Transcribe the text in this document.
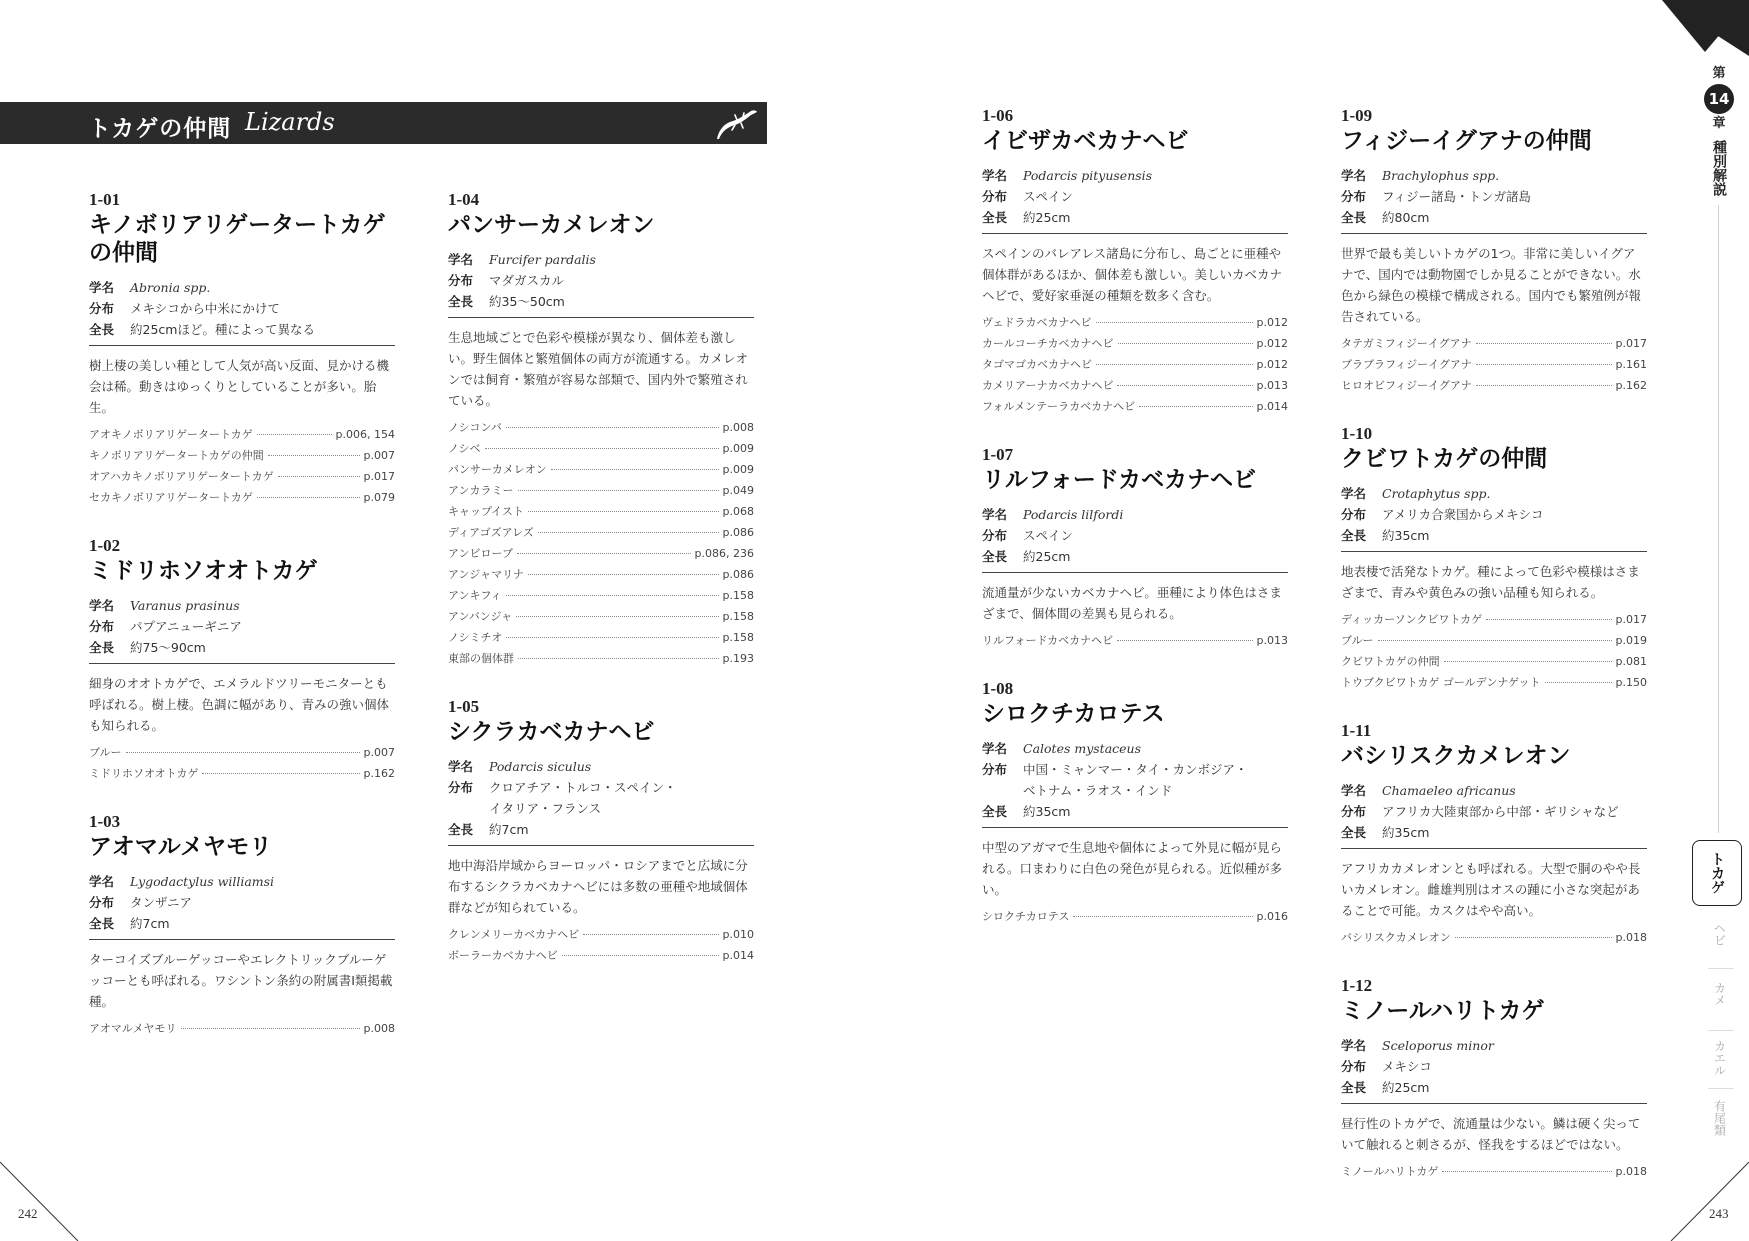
トカゲの仲間 Lizards
1-01
キノボリアリゲータートカゲの仲間
学名	Abronia spp.
分布	メキシコから中米にかけて
全長	約25cmほど。種によって異なる
樹上棲の美しい種として人気が高い反面、見かける機会は稀。動きはゆっくりとしていることが多い。胎生。
アオキノボリアリゲータートカゲ	p.006, 154
キノボリアリゲータートカゲの仲間	p.007
オアハカキノボリアリゲータートカゲ	p.017
セカキノボリアリゲータートカゲ	p.079
1-02
ミドリホソオオトカゲ
学名	Varanus prasinus
分布	パプアニューギニア
全長	約75〜90cm
細身のオオトカゲで、エメラルドツリーモニターとも呼ばれる。樹上棲。色調に幅があり、青みの強い個体も知られる。
ブルー	p.007
ミドリホソオオトカゲ	p.162
1-03
アオマルメヤモリ
学名	Lygodactylus williamsi
分布	タンザニア
全長	約7cm
ターコイズブルーゲッコーやエレクトリックブルーゲッコーとも呼ばれる。ワシントン条約の附属書Ⅰ類掲載種。
アオマルメヤモリ	p.008
1-04
パンサーカメレオン
学名	Furcifer pardalis
分布	マダガスカル
全長	約35〜50cm
生息地域ごとで色彩や模様が異なり、個体差も激しい。野生個体と繁殖個体の両方が流通する。カメレオンでは飼育・繁殖が容易な部類で、国内外で繁殖されている。
ノシコンバ	p.008
ノシベ	p.009
パンサーカメレオン	p.009
アンカラミー	p.049
キャップイスト	p.068
ディアゴズアレズ	p.086
アンビローブ	p.086, 236
アンジャマリナ	p.086
アンキフィ	p.158
アンバンジャ	p.158
ノシミチオ	p.158
東部の個体群	p.193
1-05
シクラカベカナヘビ
学名	Podarcis siculus
分布	クロアチア・トルコ・スペイン・
イタリア・フランス
全長	約7cm
地中海沿岸域からヨーロッパ・ロシアまでと広域に分布するシクラカベカナヘビには多数の亜種や地域個体群などが知られている。
クレンメリーカベカナヘビ	p.010
ボーラーカベカナヘビ	p.014
1-06
イビザカベカナヘビ
学名	Podarcis pityusensis
分布	スペイン
全長	約25cm
スペインのバレアレス諸島に分布し、島ごとに亜種や個体群があるほか、個体差も激しい。美しいカベカナヘビで、愛好家垂涎の種類を数多く含む。
ヴェドラカベカナヘビ	p.012
カールコーチカベカナヘビ	p.012
タゴマゴカベカナヘビ	p.012
カメリアーナカベカナヘビ	p.013
フォルメンテーラカベカナヘビ	p.014
1-07
リルフォードカベカナヘビ
学名	Podarcis lilfordi
分布	スペイン
全長	約25cm
流通量が少ないカベカナヘビ。亜種により体色はさまざまで、個体間の差異も見られる。
リルフォードカベカナヘビ	p.013
1-08
シロクチカロテス
学名	Calotes mystaceus
分布	中国・ミャンマー・タイ・カンボジア・
ベトナム・ラオス・インド
全長	約35cm
中型のアガマで生息地や個体によって外見に幅が見られる。口まわりに白色の発色が見られる。近似種が多い。
シロクチカロテス	p.016
1-09
フィジーイグアナの仲間
学名	Brachylophus spp.
分布	フィジー諸島・トンガ諸島
全長	約80cm
世界で最も美しいトカゲの1つ。非常に美しいイグアナで、国内では動物園でしか見ることができない。水色から緑色の模様で構成される。国内でも繁殖例が報告されている。
タテガミフィジーイグアナ	p.017
ブラブラフィジーイグアナ	p.161
ヒロオビフィジーイグアナ	p.162
1-10
クビワトカゲの仲間
学名	Crotaphytus spp.
分布	アメリカ合衆国からメキシコ
全長	約35cm
地表棲で活発なトカゲ。種によって色彩や模様はさまざまで、青みや黄色みの強い品種も知られる。
ディッカーソンクビワトカゲ	p.017
ブルー	p.019
クビワトカゲの仲間	p.081
トウブクビワトカゲ ゴールデンナゲット	p.150
1-11
バシリスクカメレオン
学名	Chamaeleo africanus
分布	アフリカ大陸東部から中部・ギリシャなど
全長	約35cm
アフリカカメレオンとも呼ばれる。大型で胴のやや長いカメレオン。雌雄判別はオスの踵に小さな突起があることで可能。カスクはやや高い。
バシリスクカメレオン	p.018
1-12
ミノールハリトカゲ
学名	Sceloporus minor
分布	メキシコ
全長	約25cm
昼行性のトカゲで、流通量は少ない。鱗は硬く尖っていて触れると刺さるが、怪我をするほどではない。
ミノールハリトカゲ	p.018
第
14
章
種別解説
トカゲ
ヘビ
カメ
カエル
有尾類
242	243
